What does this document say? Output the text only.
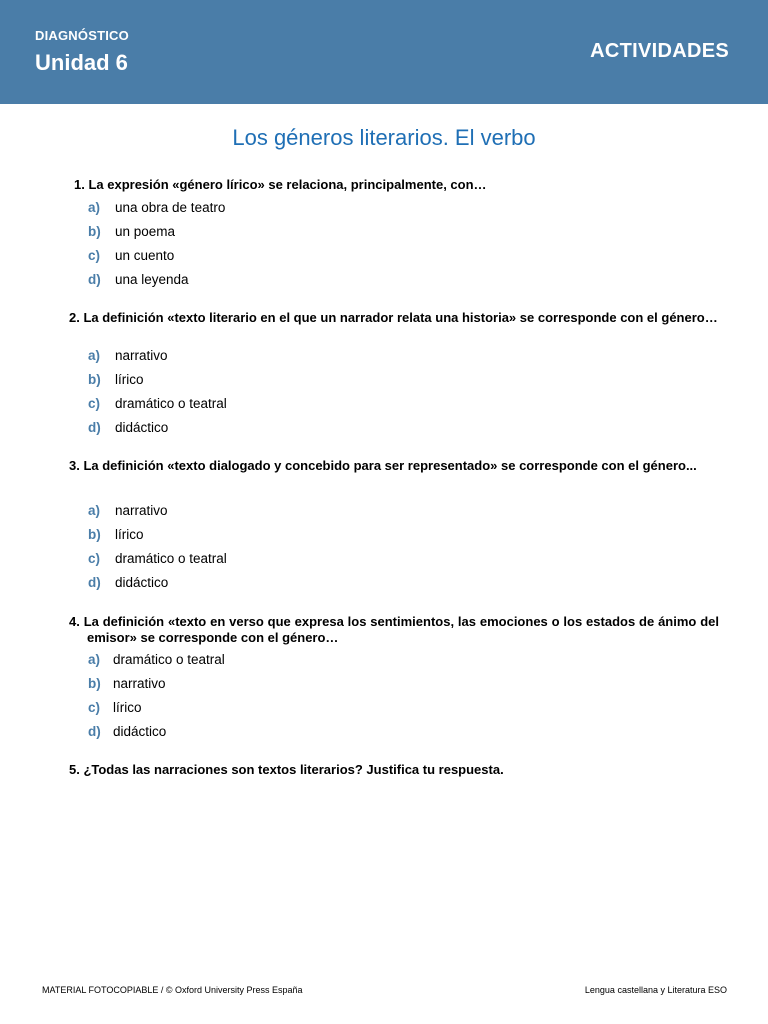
DIAGNÓSTICO
Unidad 6	ACTIVIDADES
Los géneros literarios. El verbo
1. La expresión «género lírico» se relaciona, principalmente, con…
a) una obra de teatro
b) un poema
c) un cuento
d) una leyenda
2. La definición «texto literario en el que un narrador relata una historia» se corresponde con el género…
a) narrativo
b) lírico
c) dramático o teatral
d) didáctico
3. La definición «texto dialogado y concebido para ser representado» se corresponde con el género...
a) narrativo
b) lírico
c) dramático o teatral
d) didáctico
4. La definición «texto en verso que expresa los sentimientos, las emociones o los estados de ánimo del emisor» se corresponde con el género…
a) dramático o teatral
b) narrativo
c) lírico
d) didáctico
5. ¿Todas las narraciones son textos literarios? Justifica tu respuesta.
MATERIAL FOTOCOPIABLE / © Oxford University Press España	Lengua castellana y Literatura ESO
